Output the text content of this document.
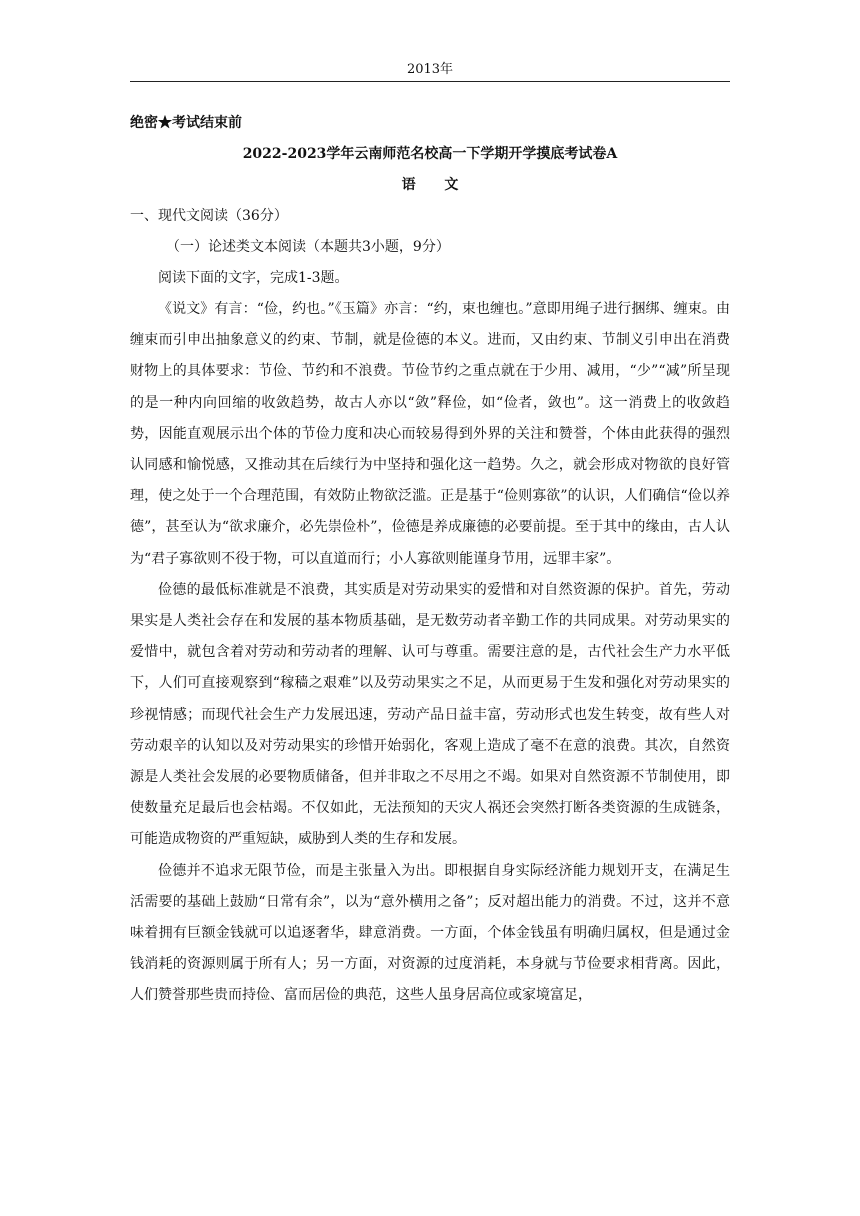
2013年
绝密★考试结束前
2022-2023学年云南师范名校高一下学期开学摸底考试卷A
语 文
一、现代文阅读（36分）
（一）论述类文本阅读（本题共3小题，9分）
阅读下面的文字，完成1-3题。

《说文》有言：“俭，约也。”《玉篇》亦言：“约，束也缠也。”意即用绳子进行捆绑、缠束。由缠束而引申出抽象意义的约束、节制，就是俭德的本义。进而，又由约束、节制义引申出在消费财物上的具体要求：节俭、节约和不浪费。节俭节约之重点就在于少用、减用，“少”“减”所呈现的是一种内向回缩的收敛趋势，故古人亦以“敛”释俭，如“俭者，敛也”。这一消费上的收敛趋势，因能直观展示出个体的节俭力度和决心而较易得到外界的关注和赞誉，个体由此获得的强烈认同感和愉悦感，又推动其在后续行为中坚持和强化这一趋势。久之，就会形成对物欲的良好管理，使之处于一个合理范围，有效防止物欲泛滥。正是基于“俭则寡欲”的认识，人们确信“俭以养德”，甚至认为“欲求廉介，必先崇俭朴”，俭德是养成廉德的必要前提。至于其中的缘由，古人认为“君子寡欲则不役于物，可以直道而行；小人寡欲则能谨身节用，远罪丰家”。

俭德的最低标准就是不浪费，其实质是对劳动果实的爱惜和对自然资源的保护。首先，劳动果实是人类社会存在和发展的基本物质基础，是无数劳动者辛勤工作的共同成果。对劳动果实的爱惜中，就包含着对劳动和劳动者的理解、认可与尊重。需要注意的是，古代社会生产力水平低下，人们可直接观察到“稼穑之艰难”以及劳动果实之不足，从而更易于生发和强化对劳动果实的珍视情感；而现代社会生产力发展迅速，劳动产品日益丰富，劳动形式也发生转变，故有些人对劳动艰辛的认知以及对劳动果实的珍惜开始弱化，客观上造成了毫不在意的浪费。其次，自然资源是人类社会发展的必要物质储备，但并非取之不尽用之不竭。如果对自然资源不节制使用，即使数量充足最后也会枯竭。不仅如此，无法预知的天灾人祸还会突然打断各类资源的生成链条，可能造成物资的严重短缺，威胁到人类的生存和发展。

俭德并不追求无限节俭，而是主张量入为出。即根据自身实际经济能力规划开支，在满足生活需要的基础上鼓励“日常有余”，以为“意外横用之备”；反对超出能力的消费。不过，这并不意味着拥有巨额金钱就可以追逐奢华，肆意消费。一方面，个体金钱虽有明确归属权，但是通过金钱消耗的资源则属于所有人；另一方面，对资源的过度消耗，本身就与节俭要求相背离。因此，人们赞誉那些贵而持俭、富而居俭的典范，这些人虽身居高位或家境富足，
